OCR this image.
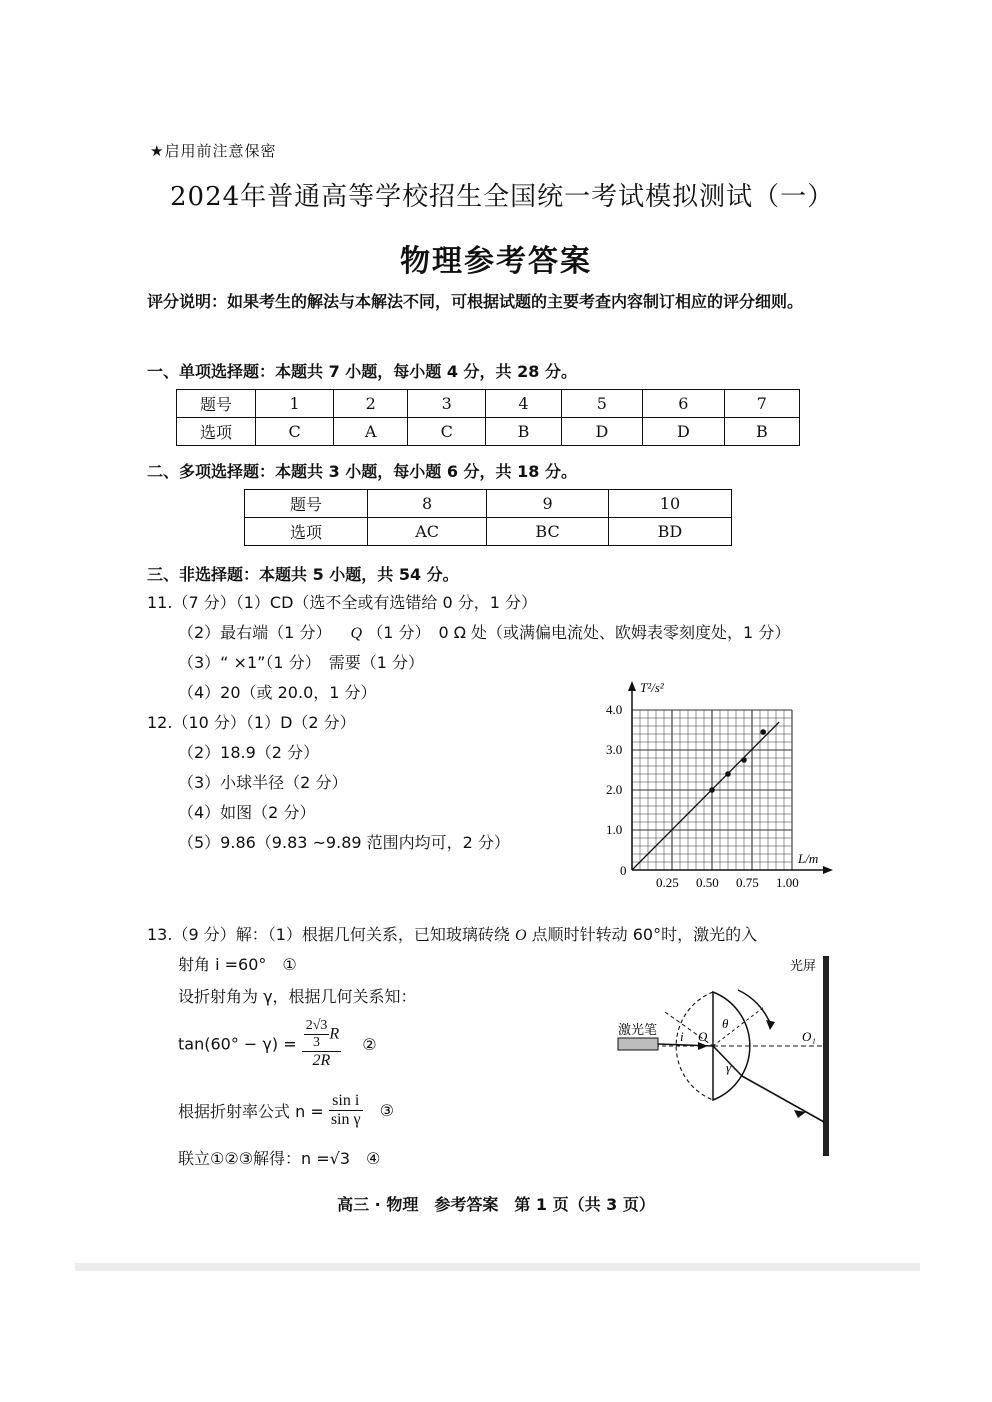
★启用前注意保密
2024年普通高等学校招生全国统一考试模拟测试（一）
物理参考答案
评分说明：如果考生的解法与本解法不同，可根据试题的主要考查内容制订相应的评分细则。
一、单项选择题：本题共 7 小题，每小题 4 分，共 28 分。
题号	1	2	3	4	5	6	7
选项	C	A	C	B	D	D	B
二、多项选择题：本题共 3 小题，每小题 6 分，共 18 分。
题号	8	9	10
选项	AC	BC	BD
三、非选择题：本题共 5 小题，共 54 分。
11.（7 分）（1）CD（选不全或有选错给 0 分，1 分）
（2）最右端（1 分） Q （1 分）　0 Ω 处（或满偏电流处、欧姆表零刻度处，1 分）
（3）“ ×1”（1 分）　需要（1 分）
（4）20（或 20.0，1 分）
12.（10 分）（1）D（2 分）
（2）18.9（2 分）
（3）小球半径（2 分）
（4）如图（2 分）
（5）9.86（9.83 ~9.89 范围内均可，2 分）
T²/s²
L/m
4.0
3.0
2.0
1.0
0
0.25 0.50 0.75 1.00
13.（9 分）解：（1）根据几何关系，已知玻璃砖绕 O 点顺时针转动 60°时，激光的入
射角 i =60°　①
设折射角为 γ，根据几何关系知：
$\tan(60^\circ - \gamma) = \frac{\frac{2√3}{3} R}{2R}$ ②
根据折射率公式 $n = \frac{\text{sin i}}{\text{sin γ}}$ ③
联立①②③解得：n =√3　④
光屏
激光笔 i O
θ
γ
O₁
高三 · 物理　参考答案　第 1 页（共 3 页）
